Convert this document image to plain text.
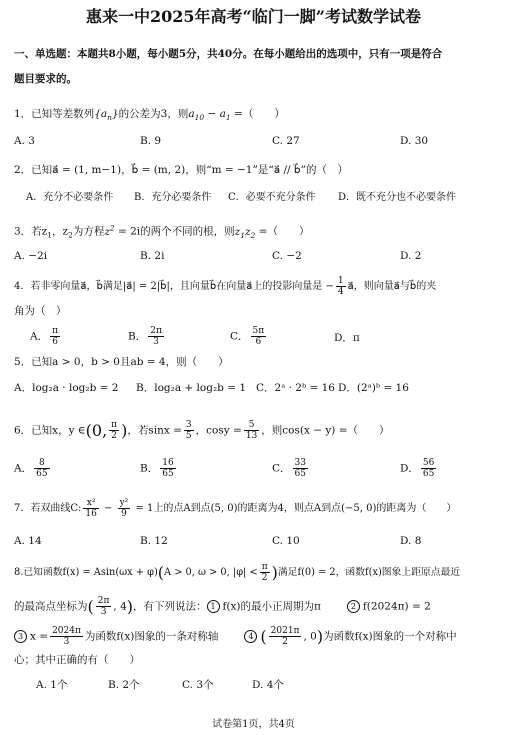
惠来一中2025年高考“临门一脚”考试数学试卷
一、单选题：本题共8小题，每小题5分，共40分。在每小题给出的选项中，只有一项是符合
题目要求的。
1．已知等差数列$\{a_n\}$的公差为3，则$a_{10} - a_1$ =（　　）
A. 3	B. 9	C. 27	D. 30
2．已知a⃗ = (1, m−1)，b⃗ = (m, 2)，则“m = −1”是“a⃗ // b⃗”的（　）
A．充分不必要条件 B．充分必要条件 C．必要不充分条件 D．既不充分也不必要条件
3．若$z_1$，$z_2$为方程$z^2 = 2i$的两个不同的根，则$z_1z_2$ =（　　）
A. −2i	B. 2i	C. −2	D. 2
4．若非零向量a⃗，b⃗满足|a⃗| = 2|b⃗|，且向量b⃗在向量a⃗上的投影向量是 − $\frac{1}{4}$ a⃗，则向量a⃗与b⃗的夹
角为（　）
A． $\frac{\pi}{6}$	B． $\frac{2\pi}{3}$	C． $\frac{5\pi}{6}$	D．π
5．已知a > 0，b > 0且ab = 4，则（　　）
A．log₂a · log₂b = 2 B．log₂a + log₂b = 1 C．2ᵃ · 2ᵇ = 16 D．(2ᵃ)ᵇ = 16
6．已知x，y ∈(0, $\frac{\pi}{2}$ )，若$\sin x = \frac{3}{5}$ ，$\cos y = \frac{5}{13}$ ，则cos(x − y) =（　　）
A． $\frac{8}{65}$	B． $\frac{16}{65}$	C． $\frac{33}{65}$	D． $\frac{56}{65}$
7．若双曲线C: $\frac{\text{x²}}{16} - \frac{\text{y²}}{9} = 1$上的点A到点(5, 0)的距离为4，则点A到点(−5, 0)的距离为（　　）
A. 14	B. 12	C. 10	D. 8
8.已知函数f(x) = Asin(ωx + φ)(A > 0, ω > 0, $|\varphi| < \frac{\pi}{2}$ )满足f(0) = 2，函数f(x)图象上距原点最近
的最高点坐标为( $\frac{2\pi}{3}$ , 4)，有下列说法： 1 f(x)的最小正周期为π	2 f(2024π) = 2
3 $x = \frac{2024\pi}{3}$ 为函数f(x)图象的一条对称轴	4 ( $\frac{2021\pi}{2}$ , 0)为函数f(x)图象的一个对称中
心；其中正确的有（　　）
A. 1个	B. 2个	C. 3个	D. 4个
试卷第1页，共4页
